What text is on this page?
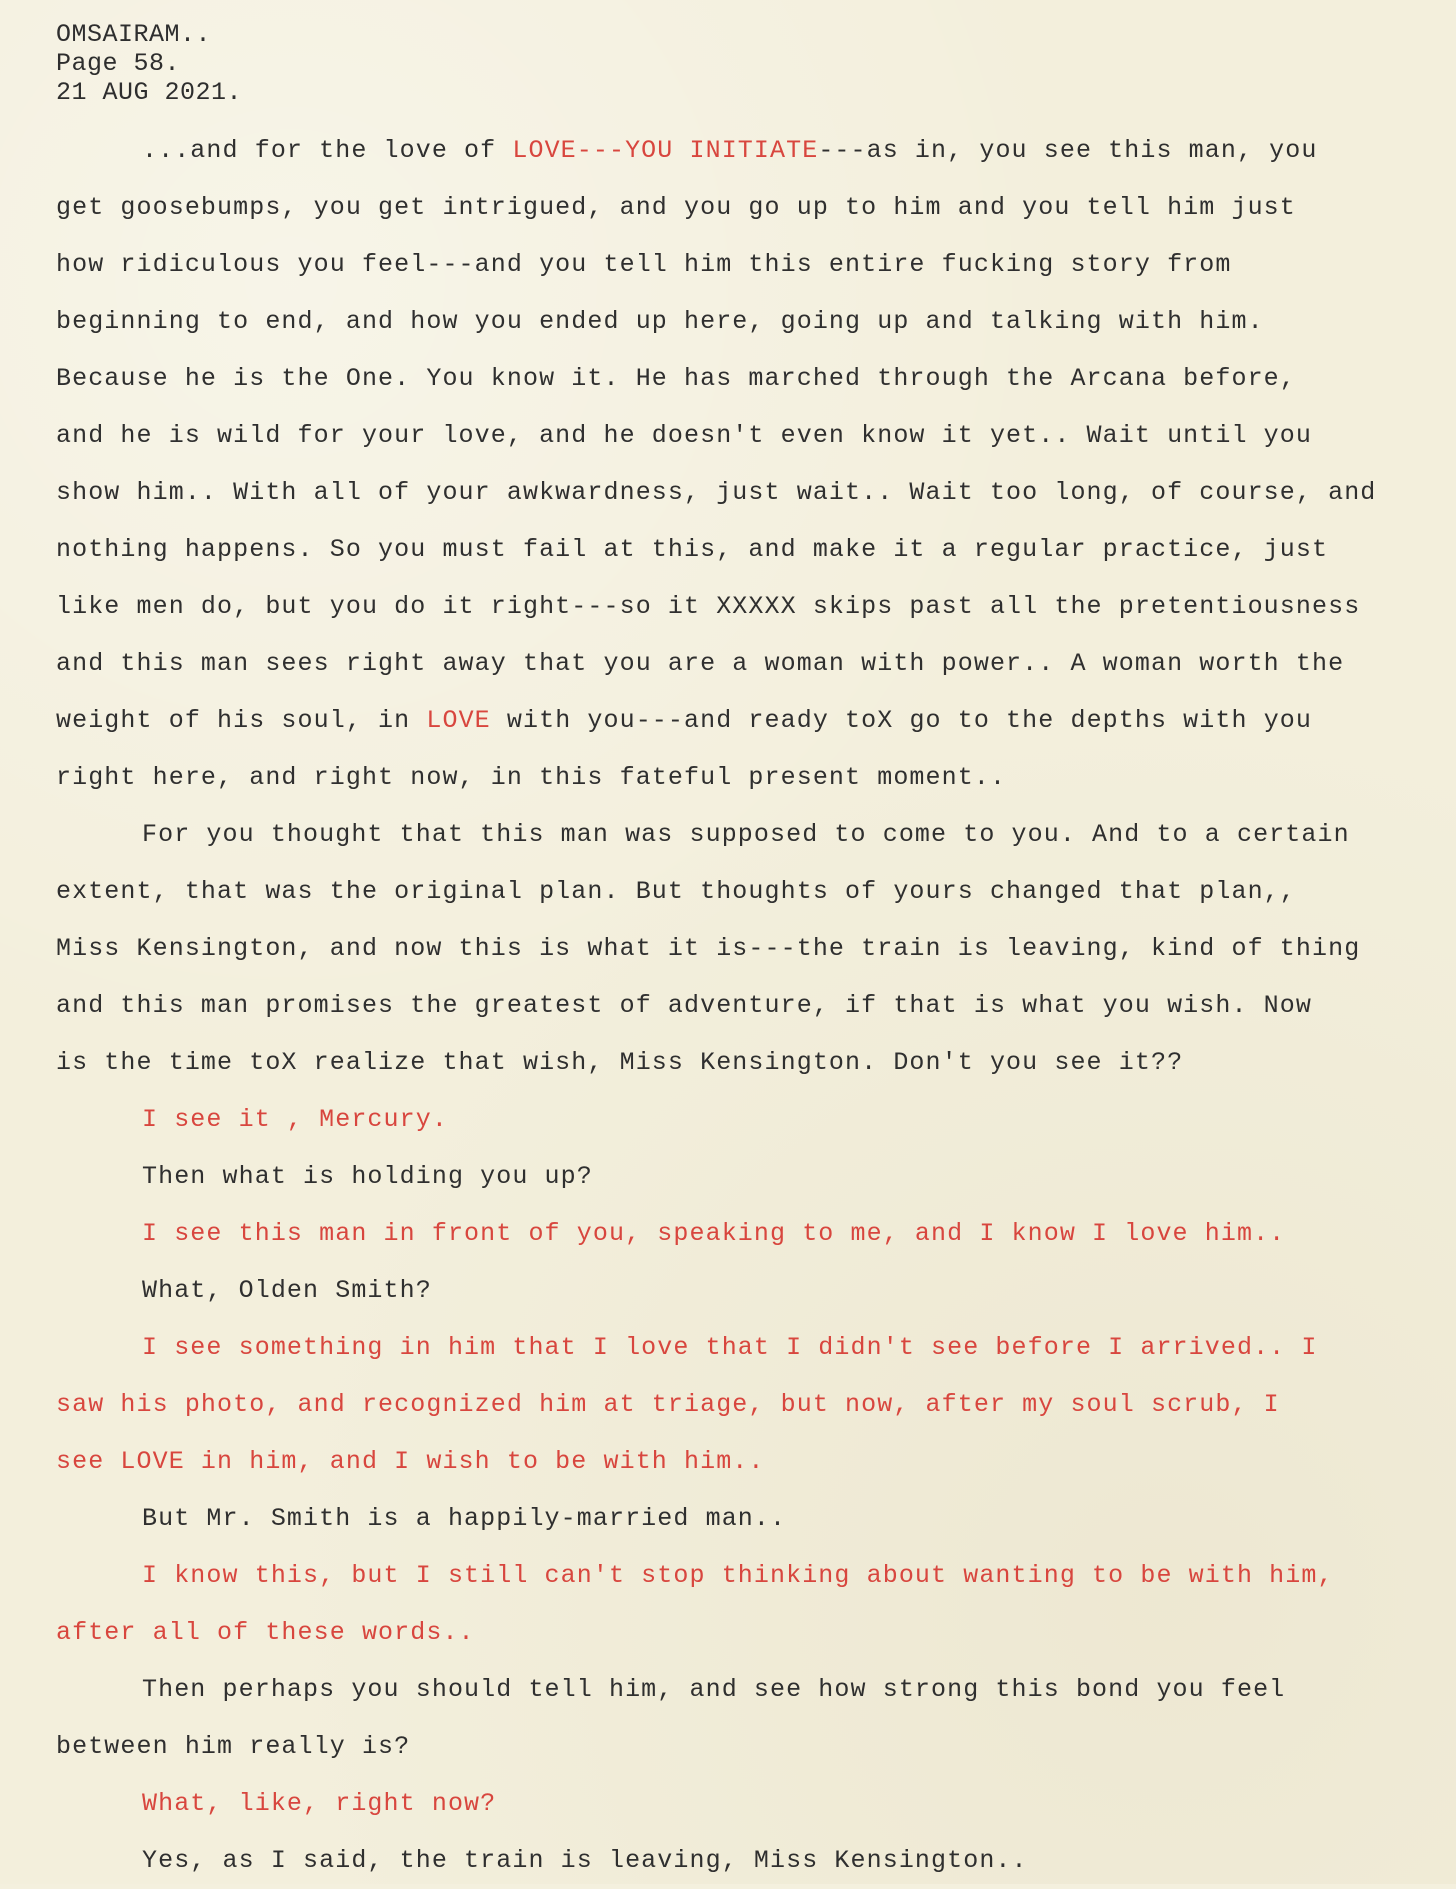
OMSAIRAM..
Page 58.
21 AUG 2021.
...and for the love of LOVE---YOU INITIATE---as in, you see this man, you
get goosebumps, you get intrigued, and you go up to him and you tell him just
how ridiculous you feel---and you tell him this entire fucking story from
beginning to end, and how you ended up here, going up and talking with him.
Because he is the One. You know it. He has marched through the Arcana before,
and he is wild for your love, and he doesn't even know it yet.. Wait until you
show him.. With all of your awkwardness, just wait.. Wait too long, of course, and
nothing happens. So you must fail at this, and make it a regular practice, just
like men do, but you do it right---so it XXXXX skips past all the pretentiousness
and this man sees right away that you are a woman with power.. A woman worth the
weight of his soul, in LOVE with you---and ready toX go to the depths with you
right here, and right now, in this fateful present moment..
For you thought that this man was supposed to come to you. And to a certain
extent, that was the original plan. But thoughts of yours changed that plan,,
Miss Kensington, and now this is what it is---the train is leaving, kind of thing
and this man promises the greatest of adventure, if that is what you wish. Now
is the time toX realize that wish, Miss Kensington. Don't you see it??
I see it , Mercury.
Then what is holding you up?
I see this man in front of you, speaking to me, and I know I love him..
What, Olden Smith?
I see something in him that I love that I didn't see before I arrived.. I
saw his photo, and recognized him at triage, but now, after my soul scrub, I
see LOVE in him, and I wish to be with him..
But Mr. Smith is a happily-married man..
I know this, but I still can't stop thinking about wanting to be with him,
after all of these words..
Then perhaps you should tell him, and see how strong this bond you feel
between him really is?
What, like, right now?
Yes, as I said, the train is leaving, Miss Kensington..
